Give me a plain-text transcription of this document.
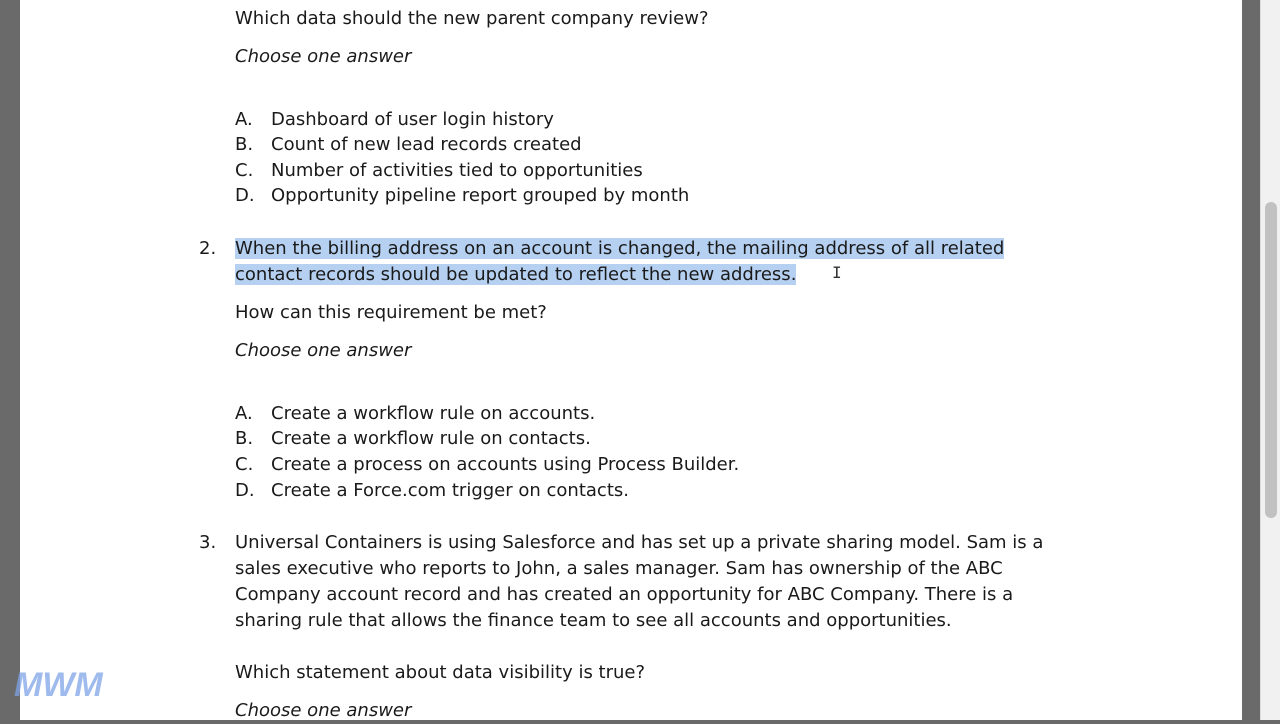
Which data should the new parent company review?
Choose one answer
A. Dashboard of user login history
B. Count of new lead records created
C. Number of activities tied to opportunities
D. Opportunity pipeline report grouped by month
2. When the billing address on an account is changed, the mailing address of all related
contact records should be updated to reflect the new address. I
How can this requirement be met?
Choose one answer
A. Create a workflow rule on accounts.
B. Create a workflow rule on contacts.
C. Create a process on accounts using Process Builder.
D. Create a Force.com trigger on contacts.
3. Universal Containers is using Salesforce and has set up a private sharing model. Sam is a
sales executive who reports to John, a sales manager. Sam has ownership of the ABC
Company account record and has created an opportunity for ABC Company. There is a
sharing rule that allows the finance team to see all accounts and opportunities.
Which statement about data visibility is true?
Choose one answer
MWM
